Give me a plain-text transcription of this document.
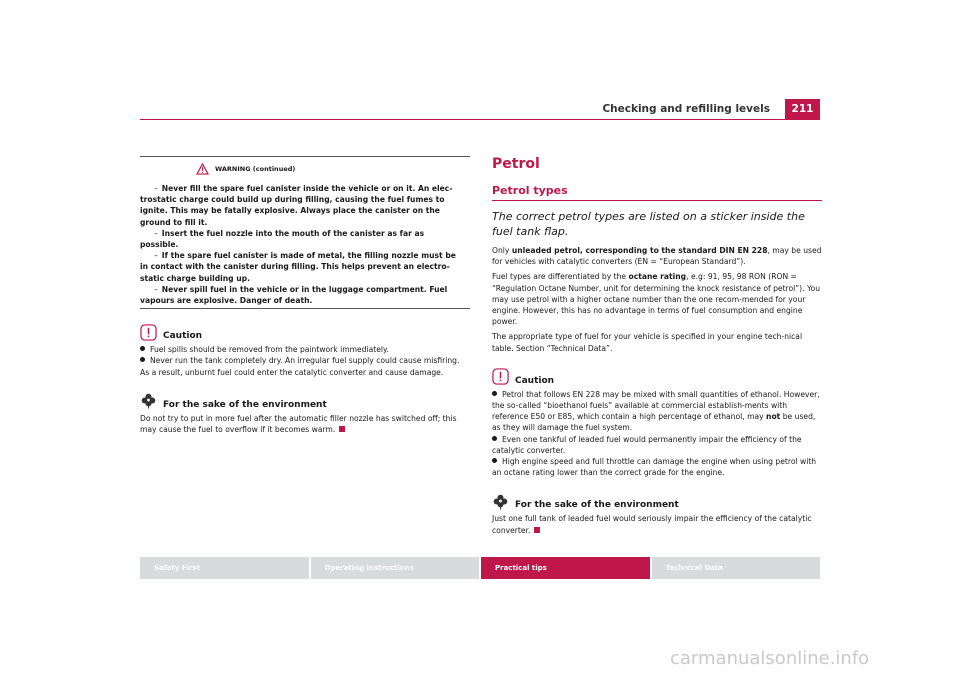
Checking and refilling levels	211
WARNING (continued)
– Never fill the spare fuel canister inside the vehicle or on it. An elec-
trostatic charge could build up during filling, causing the fuel fumes to
ignite. This may be fatally explosive. Always place the canister on the
ground to fill it.
– Insert the fuel nozzle into the mouth of the canister as far as
possible.
– If the spare fuel canister is made of metal, the filling nozzle must be
in contact with the canister during filling. This helps prevent an electro-
static charge building up.
– Never spill fuel in the vehicle or in the luggage compartment. Fuel
vapours are explosive. Danger of death.
Caution
Fuel spills should be removed from the paintwork immediately.
Never run the tank completely dry. An irregular fuel supply could cause misfiring. As a result, unburnt fuel could enter the catalytic converter and cause damage.
For the sake of the environment
Do not try to put in more fuel after the automatic filler nozzle has switched off; this may cause the fuel to overflow if it becomes warm.
Petrol
Petrol types
The correct petrol types are listed on a sticker inside the fuel tank flap.

Only unleaded petrol, corresponding to the standard DIN EN 228, may be used for vehicles with catalytic converters (EN = “European Standard”).

Fuel types are differentiated by the octane rating, e.g: 91, 95, 98 RON (RON = “Regulation Octane Number, unit for determining the knock resistance of petrol”). You may use petrol with a higher octane number than the one recom-mended for your engine. However, this has no advantage in terms of fuel consumption and engine power.

The appropriate type of fuel for your vehicle is specified in your engine tech-nical table. Section “Technical Data”.

Caution
Petrol that follows EN 228 may be mixed with small quantities of ethanol. However, the so-called “bioethanol fuels” available at commercial establish-ments with reference E50 or E85, which contain a high percentage of ethanol, may not be used, as they will damage the fuel system.
Even one tankful of leaded fuel would permanently impair the efficiency of the catalytic converter.
High engine speed and full throttle can damage the engine when using petrol with an octane rating lower than the correct grade for the engine.
For the sake of the environment
Just one full tank of leaded fuel would seriously impair the efficiency of the catalytic converter.
Safety First	Operating instructions	Practical tips	Technical Data
carmanualsonline.info
